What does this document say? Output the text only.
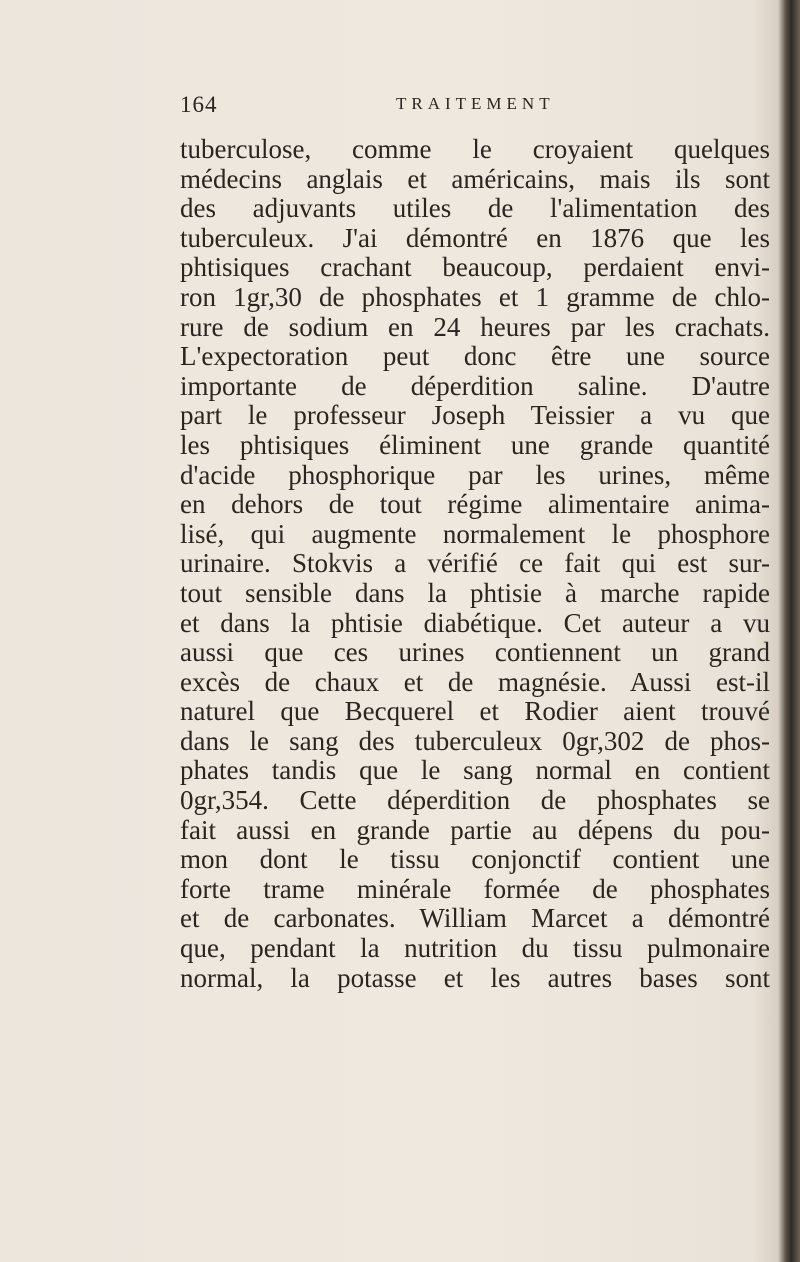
164	TRAITEMENT
tuberculose, comme le croyaient quelques
médecins anglais et américains, mais ils sont
des adjuvants utiles de l'alimentation des
tuberculeux. J'ai démontré en 1876 que les
phtisiques crachant beaucoup, perdaient envi-
ron 1gr,30 de phosphates et 1 gramme de chlo-
rure de sodium en 24 heures par les crachats.
L'expectoration peut donc être une source
importante de déperdition saline. D'autre
part le professeur Joseph Teissier a vu que
les phtisiques éliminent une grande quantité
d'acide phosphorique par les urines, même
en dehors de tout régime alimentaire anima-
lisé, qui augmente normalement le phosphore
urinaire. Stokvis a vérifié ce fait qui est sur-
tout sensible dans la phtisie à marche rapide
et dans la phtisie diabétique. Cet auteur a vu
aussi que ces urines contiennent un grand
excès de chaux et de magnésie. Aussi est-il
naturel que Becquerel et Rodier aient trouvé
dans le sang des tuberculeux 0gr,302 de phos-
phates tandis que le sang normal en contient
0gr,354. Cette déperdition de phosphates se
fait aussi en grande partie au dépens du pou-
mon dont le tissu conjonctif contient une
forte trame minérale formée de phosphates
et de carbonates. William Marcet a démontré
que, pendant la nutrition du tissu pulmonaire
normal, la potasse et les autres bases sont
